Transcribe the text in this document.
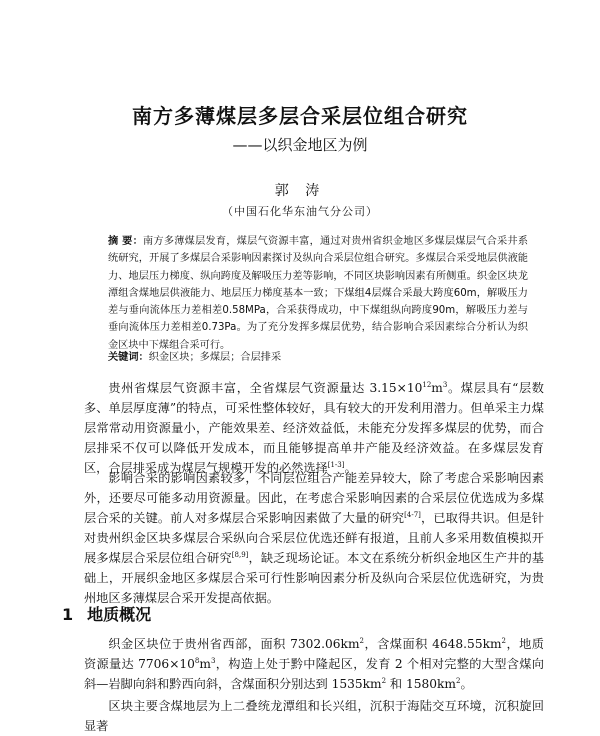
南方多薄煤层多层合采层位组合研究
——以织金地区为例
郭 涛
（中国石化华东油气分公司）
摘 要：南方多薄煤层发育，煤层气资源丰富，通过对贵州省织金地区多煤层煤层气合采井系统研究，开展了多煤层合采影响因素探讨及纵向合采层位组合研究。多煤层合采受地层供液能力、地层压力梯度、纵向跨度及解吸压力差等影响，不同区块影响因素有所侧重。织金区块龙潭组含煤地层供液能力、地层压力梯度基本一致；下煤组4层煤合采最大跨度60m，解吸压力差与垂向流体压力差相差0.58MPa，合采获得成功，中下煤组纵向跨度90m，解吸压力差与垂向流体压力差相差0.73Pa。为了充分发挥多煤层优势，结合影响合采因素综合分析认为织金区块中下煤组合采可行。
关键词：织金区块；多煤层；合层排采
贵州省煤层气资源丰富，全省煤层气资源量达 $3.15\times 10^{12}m^3$。煤层具有“层数多、单层厚度薄”的特点，可采性整体较好，具有较大的开发利用潜力。但单采主力煤层常常动用资源量小，产能效果差、经济效益低，未能充分发挥多煤层的优势，而合层排采不仅可以降低开发成本，而且能够提高单井产能及经济效益。在多煤层发育区，合层排采成为煤层气规模开发的必然选择[1-3]。
影响合采的影响因素较多，不同层位组合产能差异较大，除了考虑合采影响因素外，还要尽可能多动用资源量。因此，在考虑合采影响因素的合采层位优选成为多煤层合采的关键。前人对多煤层合采影响因素做了大量的研究[4-7]，已取得共识。但是针对贵州织金区块多煤层合采纵向合采层位优选还鲜有报道，且前人多采用数值模拟开展多煤层合采层位组合研究[8,9]，缺乏现场论证。本文在系统分析织金地区生产井的基础上，开展织金地区多煤层合采可行性影响因素分析及纵向合采层位优选研究，为贵州地区多薄煤层合采开发提高依据。
1 地质概况
织金区块位于贵州省西部，面积 $7302.06km^2$，含煤面积 $4648.55km^2$，地质资源量达 $7706\times 10^8m^3$，构造上处于黔中隆起区，发育 2 个相对完整的大型含煤向斜—岩脚向斜和黔西向斜，含煤面积分别达到 $1535km^2$ 和 $1580km^2$。
区块主要含煤地层为上二叠统龙潭组和长兴组，沉积于海陆交互环境，沉积旋回显著
